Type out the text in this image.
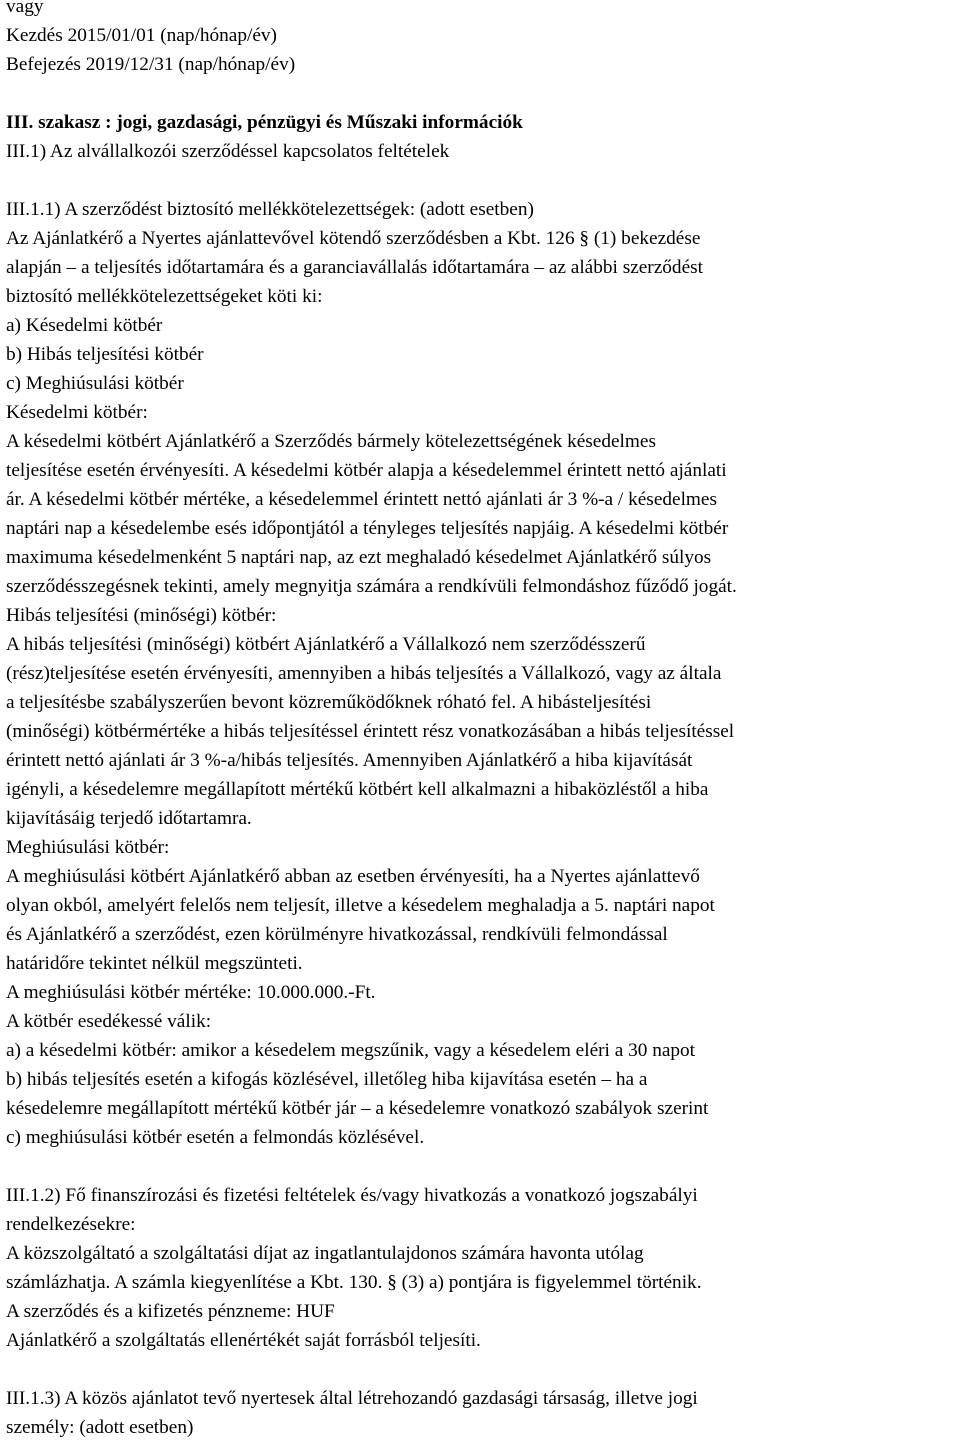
vagy
Kezdés 2015/01/01 (nap/hónap/év)
Befejezés 2019/12/31 (nap/hónap/év)
III. szakasz : jogi, gazdasági, pénzügyi és Műszaki információk
III.1) Az alvállalkozói szerződéssel kapcsolatos feltételek
III.1.1) A szerződést biztosító mellékkötelezettségek: (adott esetben)
Az Ajánlatkérő a Nyertes ajánlattevővel kötendő szerződésben a Kbt. 126 § (1) bekezdése
alapján – a teljesítés időtartamára és a garanciavállalás időtartamára – az alábbi szerződést
biztosító mellékkötelezettségeket köti ki:
a) Késedelmi kötbér
b) Hibás teljesítési kötbér
c) Meghiúsulási kötbér
Késedelmi kötbér:
A késedelmi kötbért Ajánlatkérő a Szerződés bármely kötelezettségének késedelmes
teljesítése esetén érvényesíti. A késedelmi kötbér alapja a késedelemmel érintett nettó ajánlati
ár. A késedelmi kötbér mértéke, a késedelemmel érintett nettó ajánlati ár 3 %-a / késedelmes
naptári nap a késedelembe esés időpontjától a tényleges teljesítés napjáig. A késedelmi kötbér
maximuma késedelmenként 5 naptári nap, az ezt meghaladó késedelmet Ajánlatkérő súlyos
szerződésszegésnek tekinti, amely megnyitja számára a rendkívüli felmondáshoz fűződő jogát.
Hibás teljesítési (minőségi) kötbér:
A hibás teljesítési (minőségi) kötbért Ajánlatkérő a Vállalkozó nem szerződésszerű
(rész)teljesítése esetén érvényesíti, amennyiben a hibás teljesítés a Vállalkozó, vagy az általa
a teljesítésbe szabályszerűen bevont közreműködőknek róható fel. A hibásteljesítési
(minőségi) kötbérmértéke a hibás teljesítéssel érintett rész vonatkozásában a hibás teljesítéssel
érintett nettó ajánlati ár 3 %-a/hibás teljesítés. Amennyiben Ajánlatkérő a hiba kijavítását
igényli, a késedelemre megállapított mértékű kötbért kell alkalmazni a hibaközléstől a hiba
kijavításáig terjedő időtartamra.
Meghiúsulási kötbér:
A meghiúsulási kötbért Ajánlatkérő abban az esetben érvényesíti, ha a Nyertes ajánlattevő
olyan okból, amelyért felelős nem teljesít, illetve a késedelem meghaladja a 5. naptári napot
és Ajánlatkérő a szerződést, ezen körülményre hivatkozással, rendkívüli felmondással
határidőre tekintet nélkül megszünteti.
A meghiúsulási kötbér mértéke: 10.000.000.-Ft.
A kötbér esedékessé válik:
a) a késedelmi kötbér: amikor a késedelem megszűnik, vagy a késedelem eléri a 30 napot
b) hibás teljesítés esetén a kifogás közlésével, illetőleg hiba kijavítása esetén – ha a
késedelemre megállapított mértékű kötbér jár – a késedelemre vonatkozó szabályok szerint
c) meghiúsulási kötbér esetén a felmondás közlésével.
III.1.2) Fő finanszírozási és fizetési feltételek és/vagy hivatkozás a vonatkozó jogszabályi
rendelkezésekre:
A közszolgáltató a szolgáltatási díjat az ingatlantulajdonos számára havonta utólag
számlázhatja. A számla kiegyenlítése a Kbt. 130. § (3) a) pontjára is figyelemmel történik.
A szerződés és a kifizetés pénzneme: HUF
Ajánlatkérő a szolgáltatás ellenértékét saját forrásból teljesíti.
III.1.3) A közös ajánlatot tevő nyertesek által létrehozandó gazdasági társaság, illetve jogi
személy: (adott esetben)
